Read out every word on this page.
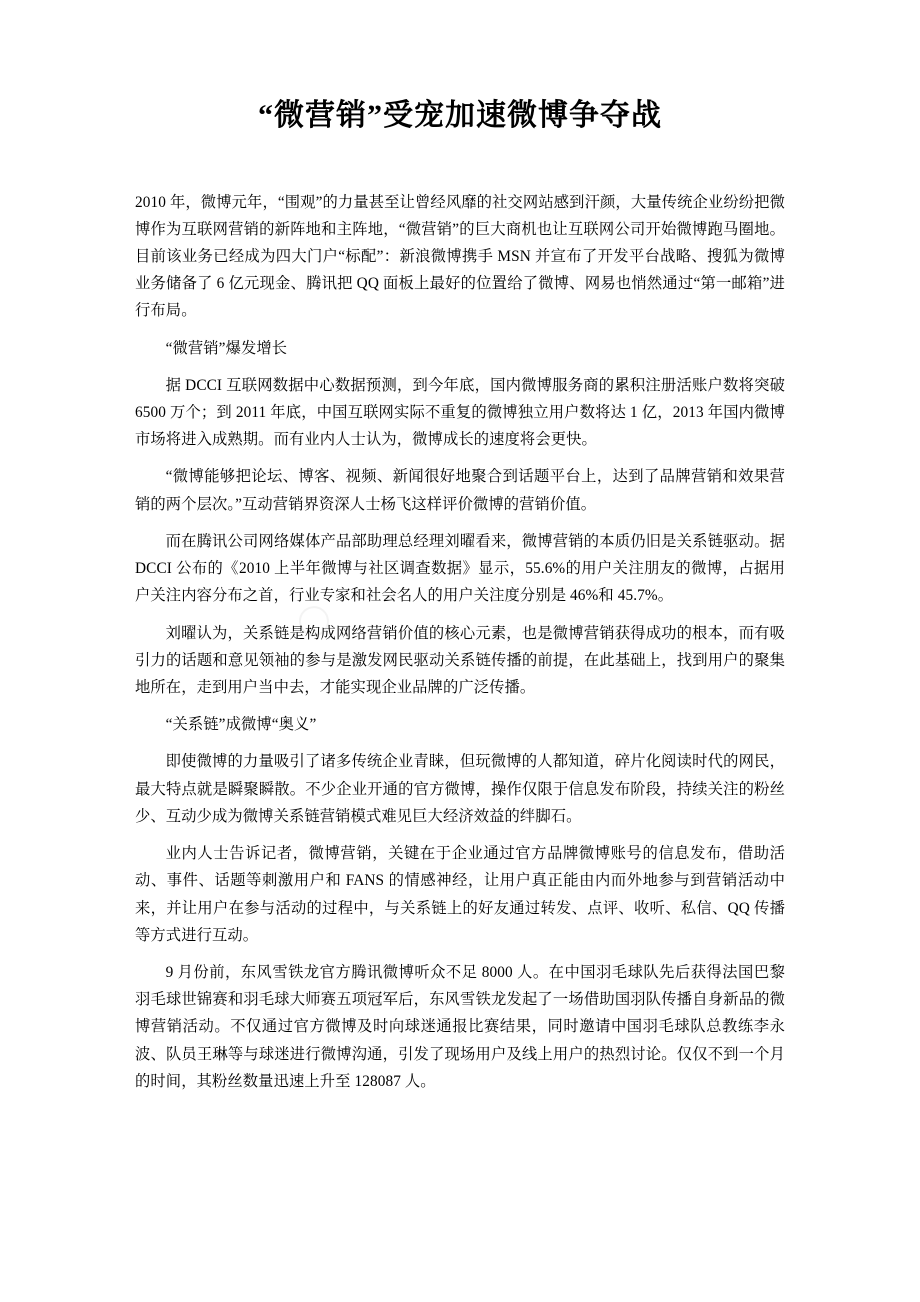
“微营销”受宠加速微博争夺战

2010 年，微博元年，“围观”的力量甚至让曾经风靡的社交网站感到汗颜，大量传统企业纷纷把微博作为互联网营销的新阵地和主阵地，“微营销”的巨大商机也让互联网公司开始微博跑马圈地。目前该业务已经成为四大门户“标配”：新浪微博携手 MSN 并宣布了开发平台战略、搜狐为微博业务储备了 6 亿元现金、腾讯把 QQ 面板上最好的位置给了微博、网易也悄然通过“第一邮箱”进行布局。

“微营销”爆发增长

据 DCCI 互联网数据中心数据预测，到今年底，国内微博服务商的累积注册活账户数将突破 6500 万个；到 2011 年底，中国互联网实际不重复的微博独立用户数将达 1 亿，2013 年国内微博市场将进入成熟期。而有业内人士认为，微博成长的速度将会更快。

“微博能够把论坛、博客、视频、新闻很好地聚合到话题平台上，达到了品牌营销和效果营销的两个层次。”互动营销界资深人士杨飞这样评价微博的营销价值。

而在腾讯公司网络媒体产品部助理总经理刘曜看来，微博营销的本质仍旧是关系链驱动。据 DCCI 公布的《2010 上半年微博与社区调查数据》显示，55.6%的用户关注朋友的微博，占据用户关注内容分布之首，行业专家和社会名人的用户关注度分别是 46%和 45.7%。

刘曜认为，关系链是构成网络营销价值的核心元素，也是微博营销获得成功的根本，而有吸引力的话题和意见领袖的参与是激发网民驱动关系链传播的前提，在此基础上，找到用户的聚集地所在，走到用户当中去，才能实现企业品牌的广泛传播。

“关系链”成微博“奥义”

即使微博的力量吸引了诸多传统企业青睐，但玩微博的人都知道，碎片化阅读时代的网民，最大特点就是瞬聚瞬散。不少企业开通的官方微博，操作仅限于信息发布阶段，持续关注的粉丝少、互动少成为微博关系链营销模式难见巨大经济效益的绊脚石。

业内人士告诉记者，微博营销，关键在于企业通过官方品牌微博账号的信息发布，借助活动、事件、话题等刺激用户和 FANS 的情感神经，让用户真正能由内而外地参与到营销活动中来，并让用户在参与活动的过程中，与关系链上的好友通过转发、点评、收听、私信、QQ 传播等方式进行互动。

9 月份前，东风雪铁龙官方腾讯微博听众不足 8000 人。在中国羽毛球队先后获得法国巴黎羽毛球世锦赛和羽毛球大师赛五项冠军后，东风雪铁龙发起了一场借助国羽队传播自身新品的微博营销活动。不仅通过官方微博及时向球迷通报比赛结果，同时邀请中国羽毛球队总教练李永波、队员王琳等与球迷进行微博沟通，引发了现场用户及线上用户的热烈讨论。仅仅不到一个月的时间，其粉丝数量迅速上升至 128087 人。
